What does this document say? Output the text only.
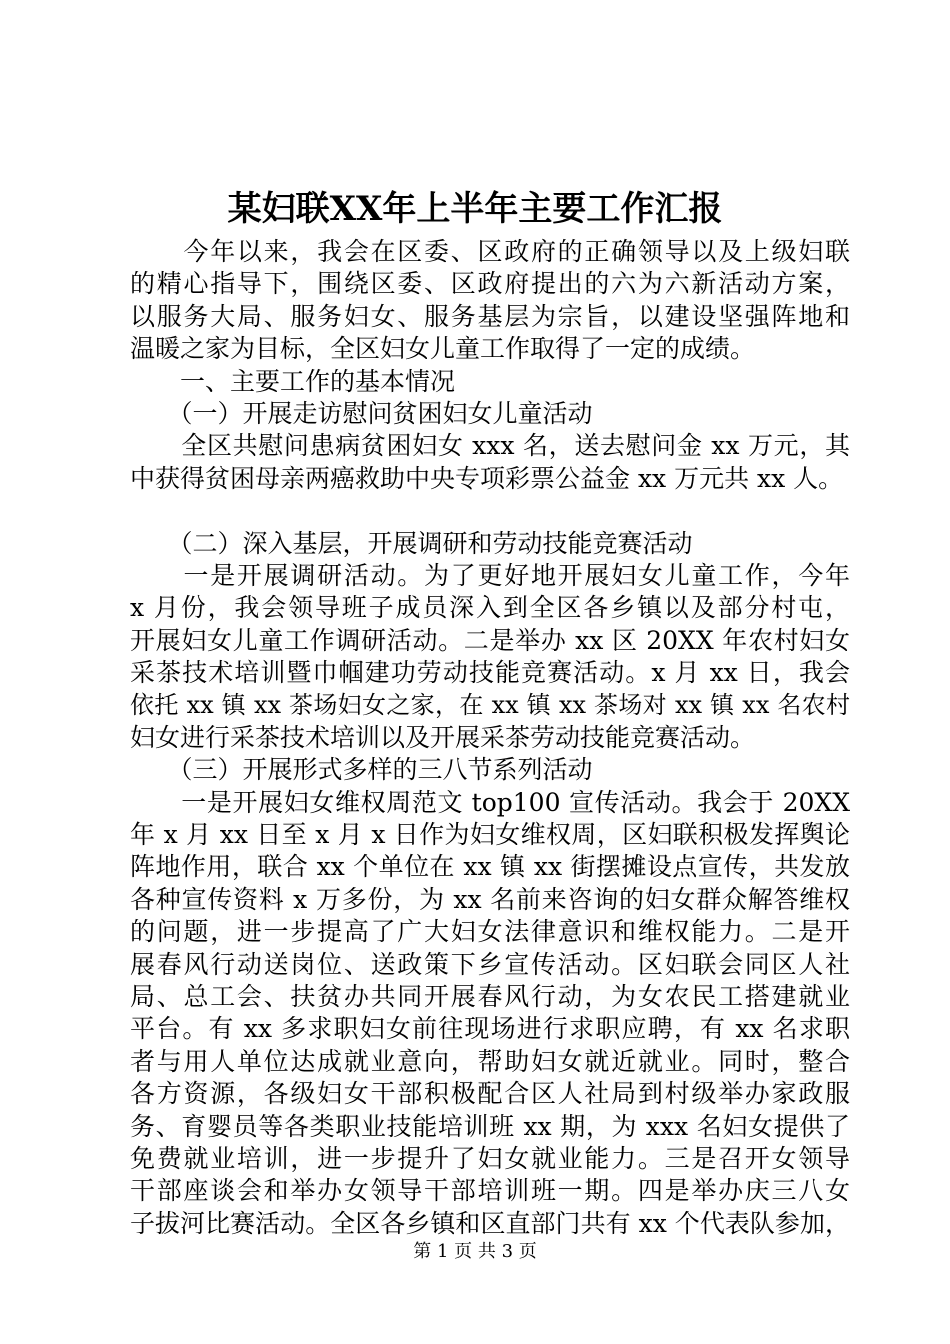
某妇联XX年上半年主要工作汇报
　　今年以来，我会在区委、区政府的正确领导以及上级妇联
的精心指导下，围绕区委、区政府提出的六为六新活动方案，
以服务大局、服务妇女、服务基层为宗旨，以建设坚强阵地和
温暖之家为目标，全区妇女儿童工作取得了一定的成绩。
　　一、主要工作的基本情况
　　（一）开展走访慰问贫困妇女儿童活动
　　全区共慰问患病贫困妇女 xxx 名，送去慰问金 xx 万元，其
中获得贫困母亲两癌救助中央专项彩票公益金 xx 万元共 xx 人。
　　（二）深入基层，开展调研和劳动技能竞赛活动
　　一是开展调研活动。为了更好地开展妇女儿童工作，今年
x 月份，我会领导班子成员深入到全区各乡镇以及部分村屯，
开展妇女儿童工作调研活动。二是举办 xx 区 20XX 年农村妇女
采茶技术培训暨巾帼建功劳动技能竞赛活动。x 月 xx 日，我会
依托 xx 镇 xx 茶场妇女之家，在 xx 镇 xx 茶场对 xx 镇 xx 名农村
妇女进行采茶技术培训以及开展采茶劳动技能竞赛活动。
　　（三）开展形式多样的三八节系列活动
　　一是开展妇女维权周范文 top100 宣传活动。我会于 20XX
年 x 月 xx 日至 x 月 x 日作为妇女维权周，区妇联积极发挥舆论
阵地作用，联合 xx 个单位在 xx 镇 xx 街摆摊设点宣传，共发放
各种宣传资料 x 万多份，为 xx 名前来咨询的妇女群众解答维权
的问题，进一步提高了广大妇女法律意识和维权能力。二是开
展春风行动送岗位、送政策下乡宣传活动。区妇联会同区人社
局、总工会、扶贫办共同开展春风行动，为女农民工搭建就业
平台。有 xx 多求职妇女前往现场进行求职应聘，有 xx 名求职
者与用人单位达成就业意向，帮助妇女就近就业。同时，整合
各方资源，各级妇女干部积极配合区人社局到村级举办家政服
务、育婴员等各类职业技能培训班 xx 期，为 xxx 名妇女提供了
免费就业培训，进一步提升了妇女就业能力。三是召开女领导
干部座谈会和举办女领导干部培训班一期。四是举办庆三八女
子拔河比赛活动。全区各乡镇和区直部门共有 xx 个代表队参加，
第 1 页 共 3 页
